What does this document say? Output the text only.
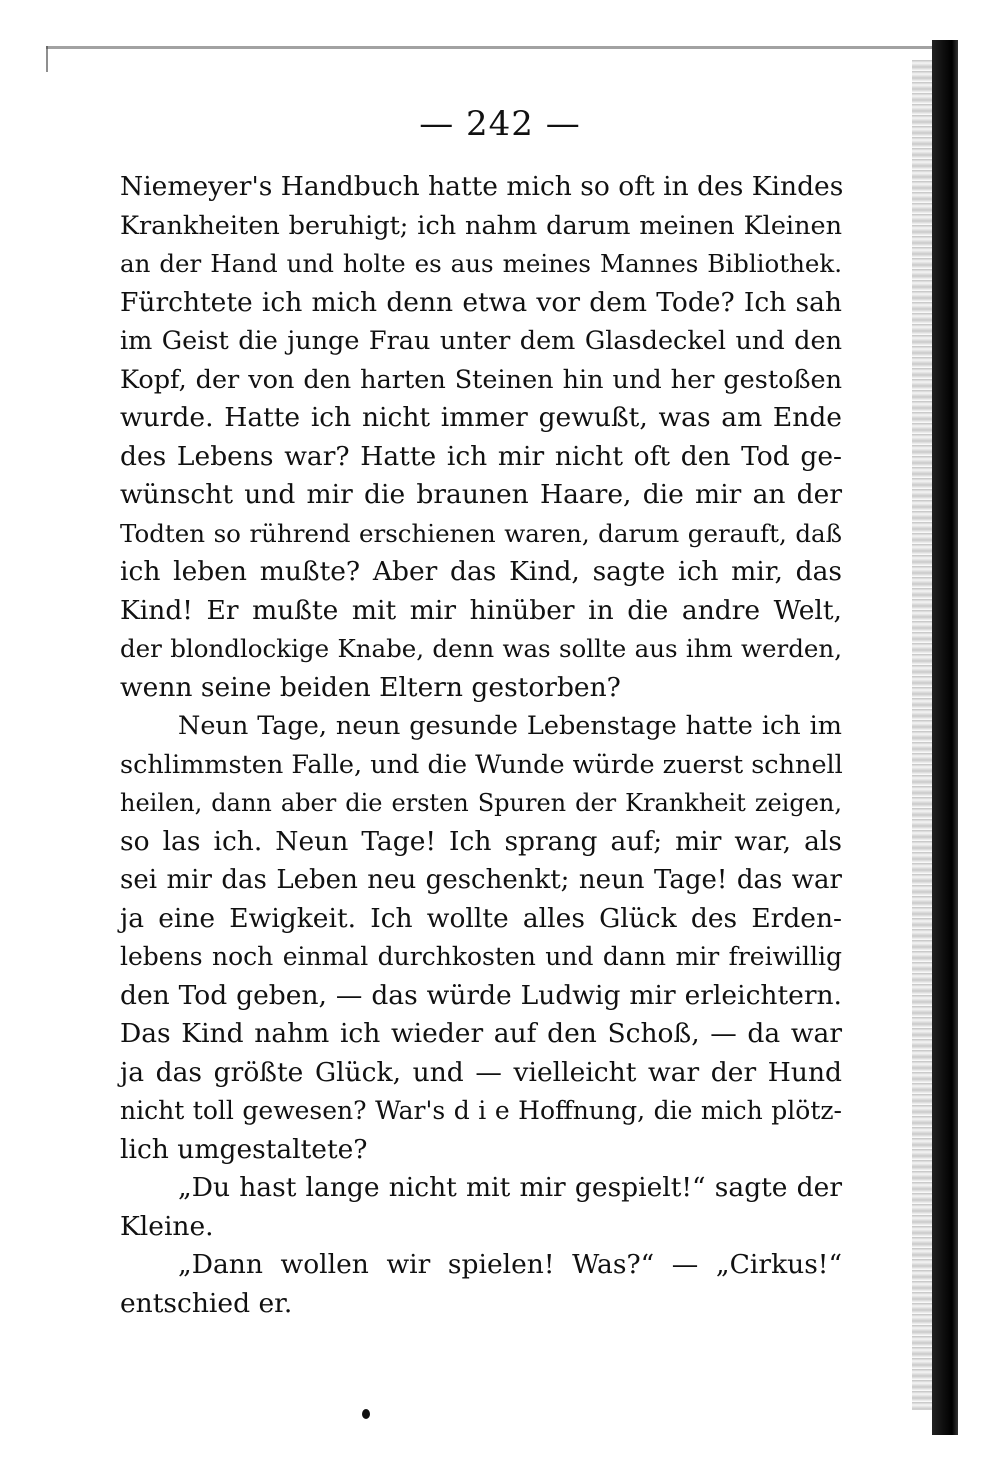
— 242 —
Niemeyer's Handbuch hatte mich so oft in des Kindes
Krankheiten beruhigt; ich nahm darum meinen Kleinen
an der Hand und holte es aus meines Mannes Bibliothek.
Fürchtete ich mich denn etwa vor dem Tode? Ich sah
im Geist die junge Frau unter dem Glasdeckel und den
Kopf, der von den harten Steinen hin und her gestoßen
wurde. Hatte ich nicht immer gewußt, was am Ende
des Lebens war? Hatte ich mir nicht oft den Tod ge-
wünscht und mir die braunen Haare, die mir an der
Todten so rührend erschienen waren, darum gerauft, daß
ich leben mußte? Aber das Kind, sagte ich mir, das
Kind! Er mußte mit mir hinüber in die andre Welt,
der blondlockige Knabe, denn was sollte aus ihm werden,
wenn seine beiden Eltern gestorben?
Neun Tage, neun gesunde Lebenstage hatte ich im
schlimmsten Falle, und die Wunde würde zuerst schnell
heilen, dann aber die ersten Spuren der Krankheit zeigen,
so las ich. Neun Tage! Ich sprang auf; mir war, als
sei mir das Leben neu geschenkt; neun Tage! das war
ja eine Ewigkeit. Ich wollte alles Glück des Erden-
lebens noch einmal durchkosten und dann mir freiwillig
den Tod geben, — das würde Ludwig mir erleichtern.
Das Kind nahm ich wieder auf den Schoß, — da war
ja das größte Glück, und — vielleicht war der Hund
nicht toll gewesen? War's d i e Hoffnung, die mich plötz-
lich umgestaltete?
„Du hast lange nicht mit mir gespielt!“ sagte der
Kleine.
„Dann wollen wir spielen! Was?“ — „Cirkus!“
entschied er.
